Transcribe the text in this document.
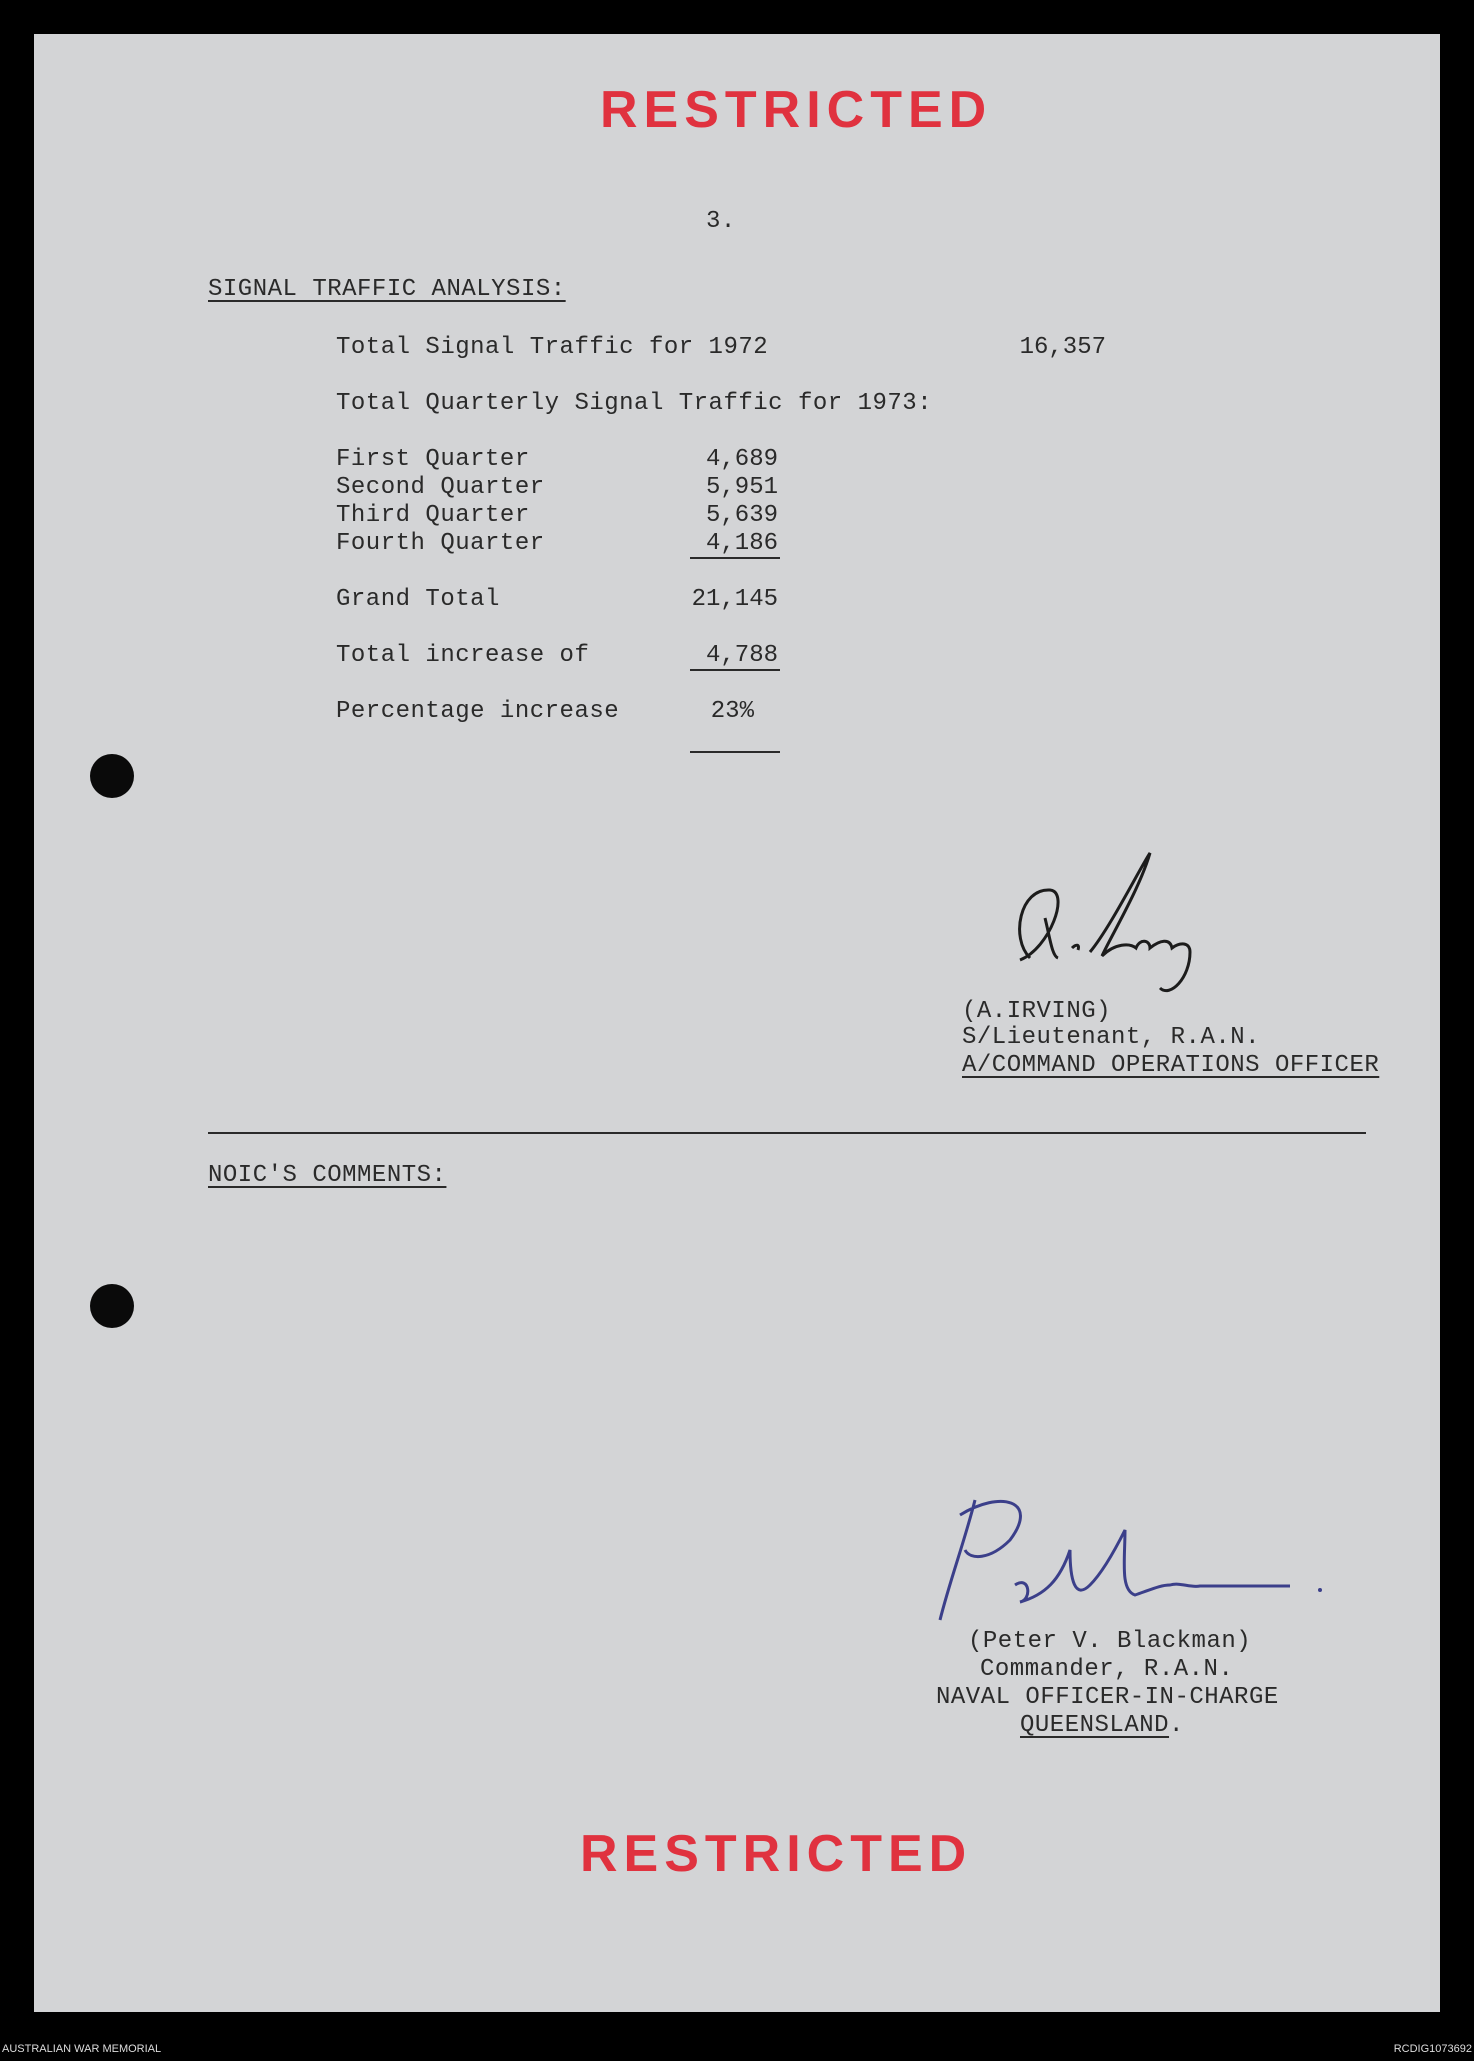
RESTRICTED
3.
SIGNAL TRAFFIC ANALYSIS:
Total Signal Traffic for 1972	16,357
Total Quarterly Signal Traffic for 1973:
First Quarter	4,689
Second Quarter	5,951
Third Quarter	5,639
Fourth Quarter	4,186
Grand Total	21,145
Total increase of	4,788
Percentage increase	23%
(A.IRVING)
S/Lieutenant, R.A.N.
A/COMMAND OPERATIONS OFFICER
NOIC'S COMMENTS:
(Peter V. Blackman)
Commander, R.A.N.
NAVAL OFFICER-IN-CHARGE
QUEENSLAND.
RESTRICTED
AUSTRALIAN WAR MEMORIAL	RCDIG1073692
